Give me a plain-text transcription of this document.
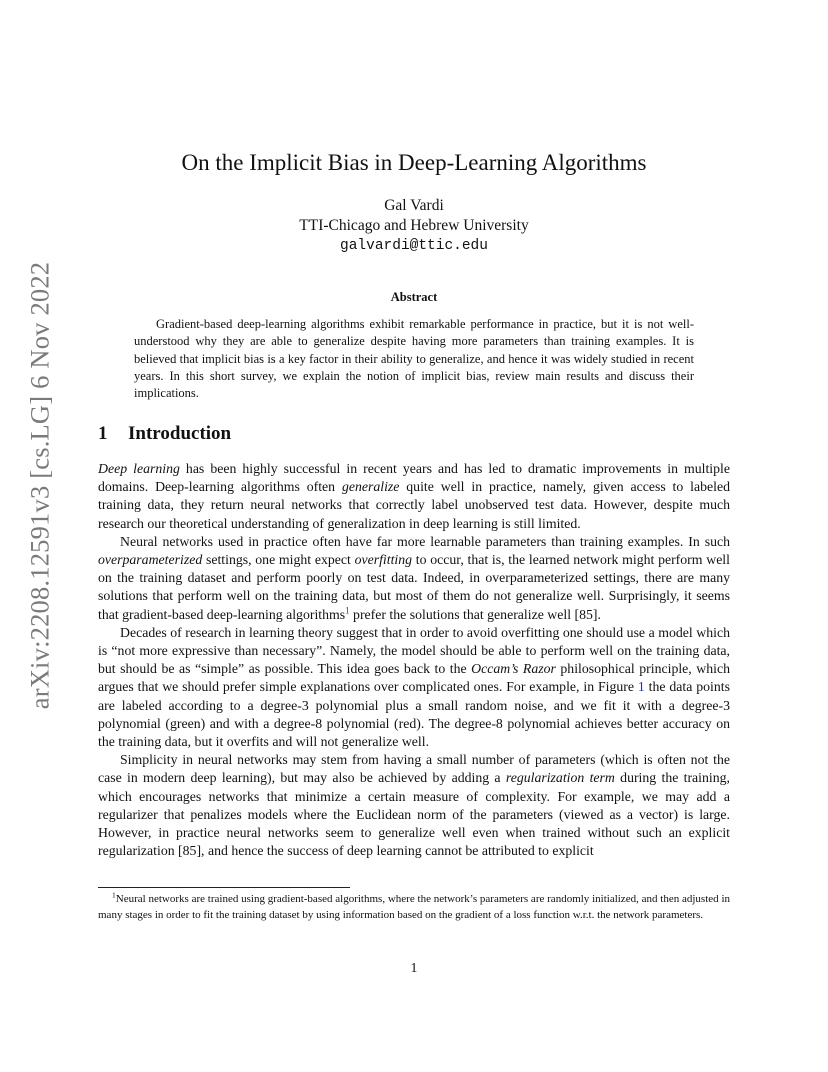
arXiv:2208.12591v3 [cs.LG] 6 Nov 2022
On the Implicit Bias in Deep-Learning Algorithms
Gal Vardi
TTI-Chicago and Hebrew University
galvardi@ttic.edu
Abstract

Gradient-based deep-learning algorithms exhibit remarkable performance in practice, but it is not well-understood why they are able to generalize despite having more parameters than training examples. It is believed that implicit bias is a key factor in their ability to generalize, and hence it was widely studied in recent years. In this short survey, we explain the notion of implicit bias, review main results and discuss their implications.

1 Introduction

Deep learning has been highly successful in recent years and has led to dramatic improvements in multiple domains. Deep-learning algorithms often generalize quite well in practice, namely, given access to labeled training data, they return neural networks that correctly label unobserved test data. However, despite much research our theoretical understanding of generalization in deep learning is still limited.

Neural networks used in practice often have far more learnable parameters than training examples. In such overparameterized settings, one might expect overfitting to occur, that is, the learned network might perform well on the training dataset and perform poorly on test data. Indeed, in overparameterized settings, there are many solutions that perform well on the training data, but most of them do not generalize well. Surprisingly, it seems that gradient-based deep-learning algorithms$^1$ prefer the solutions that generalize well [85].

Decades of research in learning theory suggest that in order to avoid overfitting one should use a model which is “not more expressive than necessary”. Namely, the model should be able to perform well on the training data, but should be as “simple” as possible. This idea goes back to the Occam’s Razor philosophical principle, which argues that we should prefer simple explanations over complicated ones. For example, in Figure 1 the data points are labeled according to a degree-3 polynomial plus a small random noise, and we fit it with a degree-3 polynomial (green) and with a degree-8 polynomial (red). The degree-8 polynomial achieves better accuracy on the training data, but it overfits and will not generalize well.

Simplicity in neural networks may stem from having a small number of parameters (which is often not the case in modern deep learning), but may also be achieved by adding a regularization term during the training, which encourages networks that minimize a certain measure of complexity. For example, we may add a regularizer that penalizes models where the Euclidean norm of the parameters (viewed as a vector) is large. However, in practice neural networks seem to generalize well even when trained without such an explicit regularization [85], and hence the success of deep learning cannot be attributed to explicit

$^1$Neural networks are trained using gradient-based algorithms, where the network’s parameters are randomly initialized, and then adjusted in many stages in order to fit the training dataset by using information based on the gradient of a loss function w.r.t. the network parameters.

1
